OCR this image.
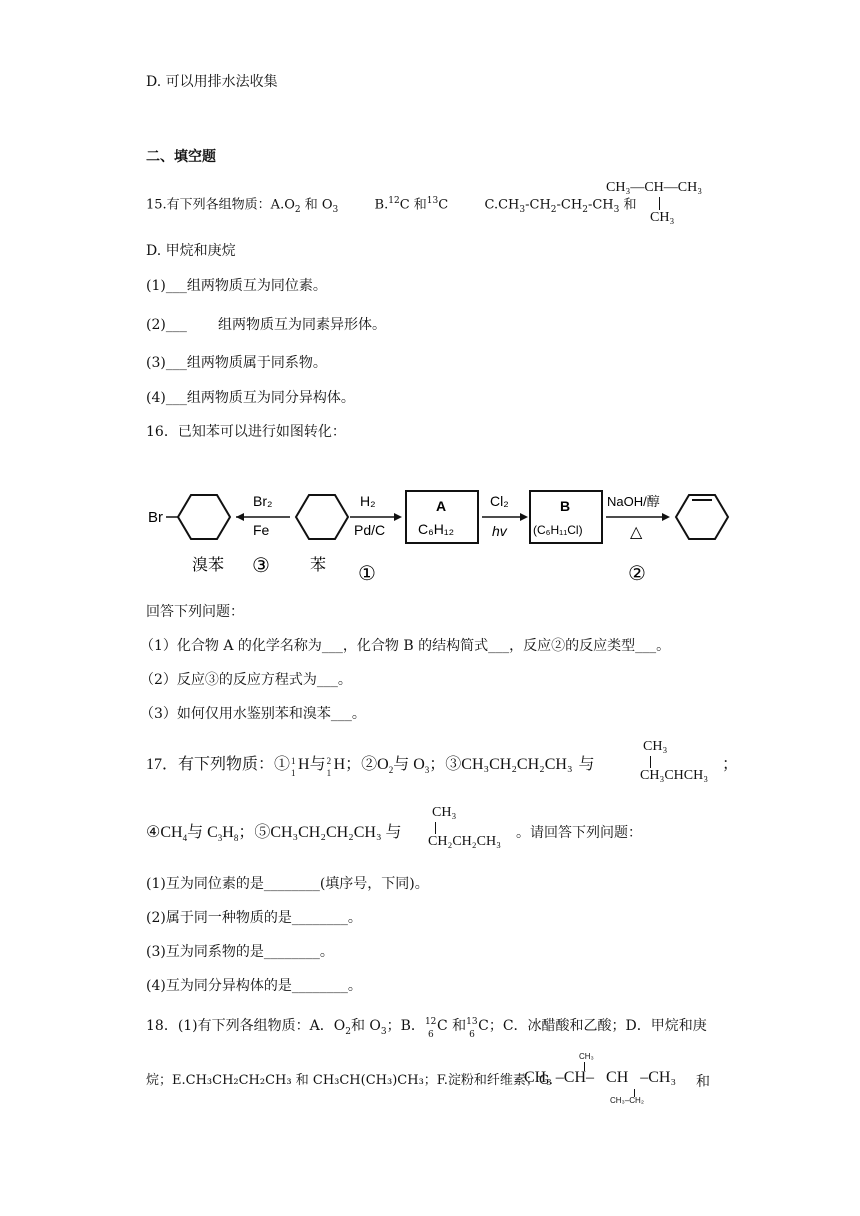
D. 可以用排水法收集
二、填空题
15.有下列各组物质：$A.O_2$ 和 $O_3$	B.$^{12}$C 和$^{13}$C	$C.CH_3-CH_2-CH_2-CH_3$ 和
CH₃—CH—CH₃
CH₃
D. 甲烷和庚烷
(1)___组两物质互为同位素。
(2)___       组两物质互为同素异形体。
(3)___组两物质属于同系物。
(4)___组两物质互为同分异构体。
16．已知苯可以进行如图转化：
Br
Br₂
Fe
H₂
Pd/C
A
C₆H₁₂
Cl₂
hv
B
(C₆H₁₁Cl)
NaOH/醇
△
溴苯 ③	苯 ①	②
回答下列问题：
（1）化合物 A 的化学名称为___，化合物 B 的结构简式___，反应②的反应类型___。
（2）反应③的反应方程式为___。
（3）如何仅用水鉴别苯和溴苯___。
17．有下列物质：① 1
1 H与 2
1 H；$②O_2$与 $O_3$；③CH₃CH₂CH₂CH₃ 与
CH₃
CH₃CHCH₃
；
$④CH_4$与 $C_3H_8$；⑤CH₃CH₂CH₂CH₃ 与
CH₃
CH₂CH₂CH₃
。请回答下列问题：
(1)互为同位素的是________(填序号，下同)。
(2)属于同一种物质的是________。
(3)互为同系物的是________。
(4)互为同分异构体的是________。
18．(1)有下列各组物质：A．$O_2$和 $O_3$；B． 12
6
C 和 13
6
C；C．冰醋酸和乙酸；D．甲烷和庚
烷；E.CH₃CH₂CH₂CH₃ 和 CH₃CH(CH₃)CH₃；F.淀粉和纤维素；G.
CH₃
CH₃ –CH–   CH   –CH₃
CH₃–CH₂
和
